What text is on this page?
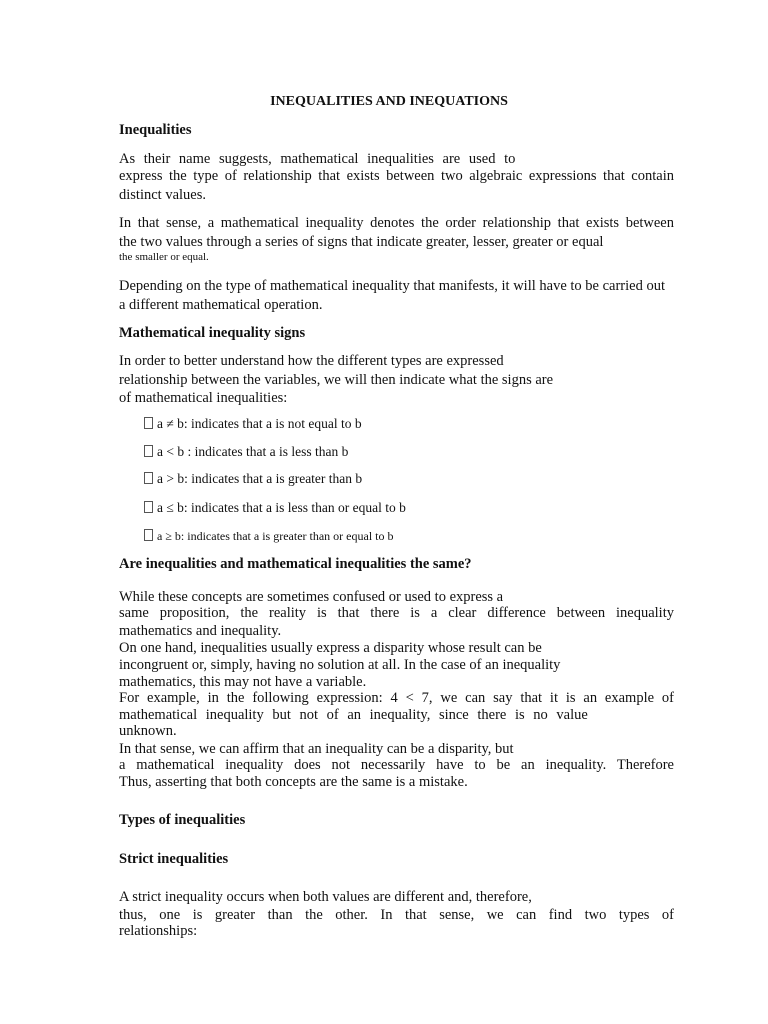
INEQUALITIES AND INEQUATIONS
Inequalities
As their name suggests, mathematical inequalities are used to
express the type of relationship that exists between two algebraic expressions that contain
distinct values.
In that sense, a mathematical inequality denotes the order relationship that exists between
the two values through a series of signs that indicate greater, lesser, greater or equal
the smaller or equal.
Depending on the type of mathematical inequality that manifests, it will have to be carried out
a different mathematical operation.
Mathematical inequality signs
In order to better understand how the different types are expressed
relationship between the variables, we will then indicate what the signs are
of mathematical inequalities:
a ≠ b: indicates that a is not equal to b
a < b : indicates that a is less than b
a > b: indicates that a is greater than b
a ≤ b: indicates that a is less than or equal to b
a ≥ b: indicates that a is greater than or equal to b
Are inequalities and mathematical inequalities the same?
While these concepts are sometimes confused or used to express a
same proposition, the reality is that there is a clear difference between inequality
mathematics and inequality.
On one hand, inequalities usually express a disparity whose result can be
incongruent or, simply, having no solution at all. In the case of an inequality
mathematics, this may not have a variable.
For example, in the following expression: 4 < 7, we can say that it is an example of
mathematical inequality but not of an inequality, since there is no value
unknown.
In that sense, we can affirm that an inequality can be a disparity, but
a mathematical inequality does not necessarily have to be an inequality. Therefore
Thus, asserting that both concepts are the same is a mistake.
Types of inequalities
Strict inequalities
A strict inequality occurs when both values are different and, therefore,
thus, one is greater than the other. In that sense, we can find two types of
relationships:
